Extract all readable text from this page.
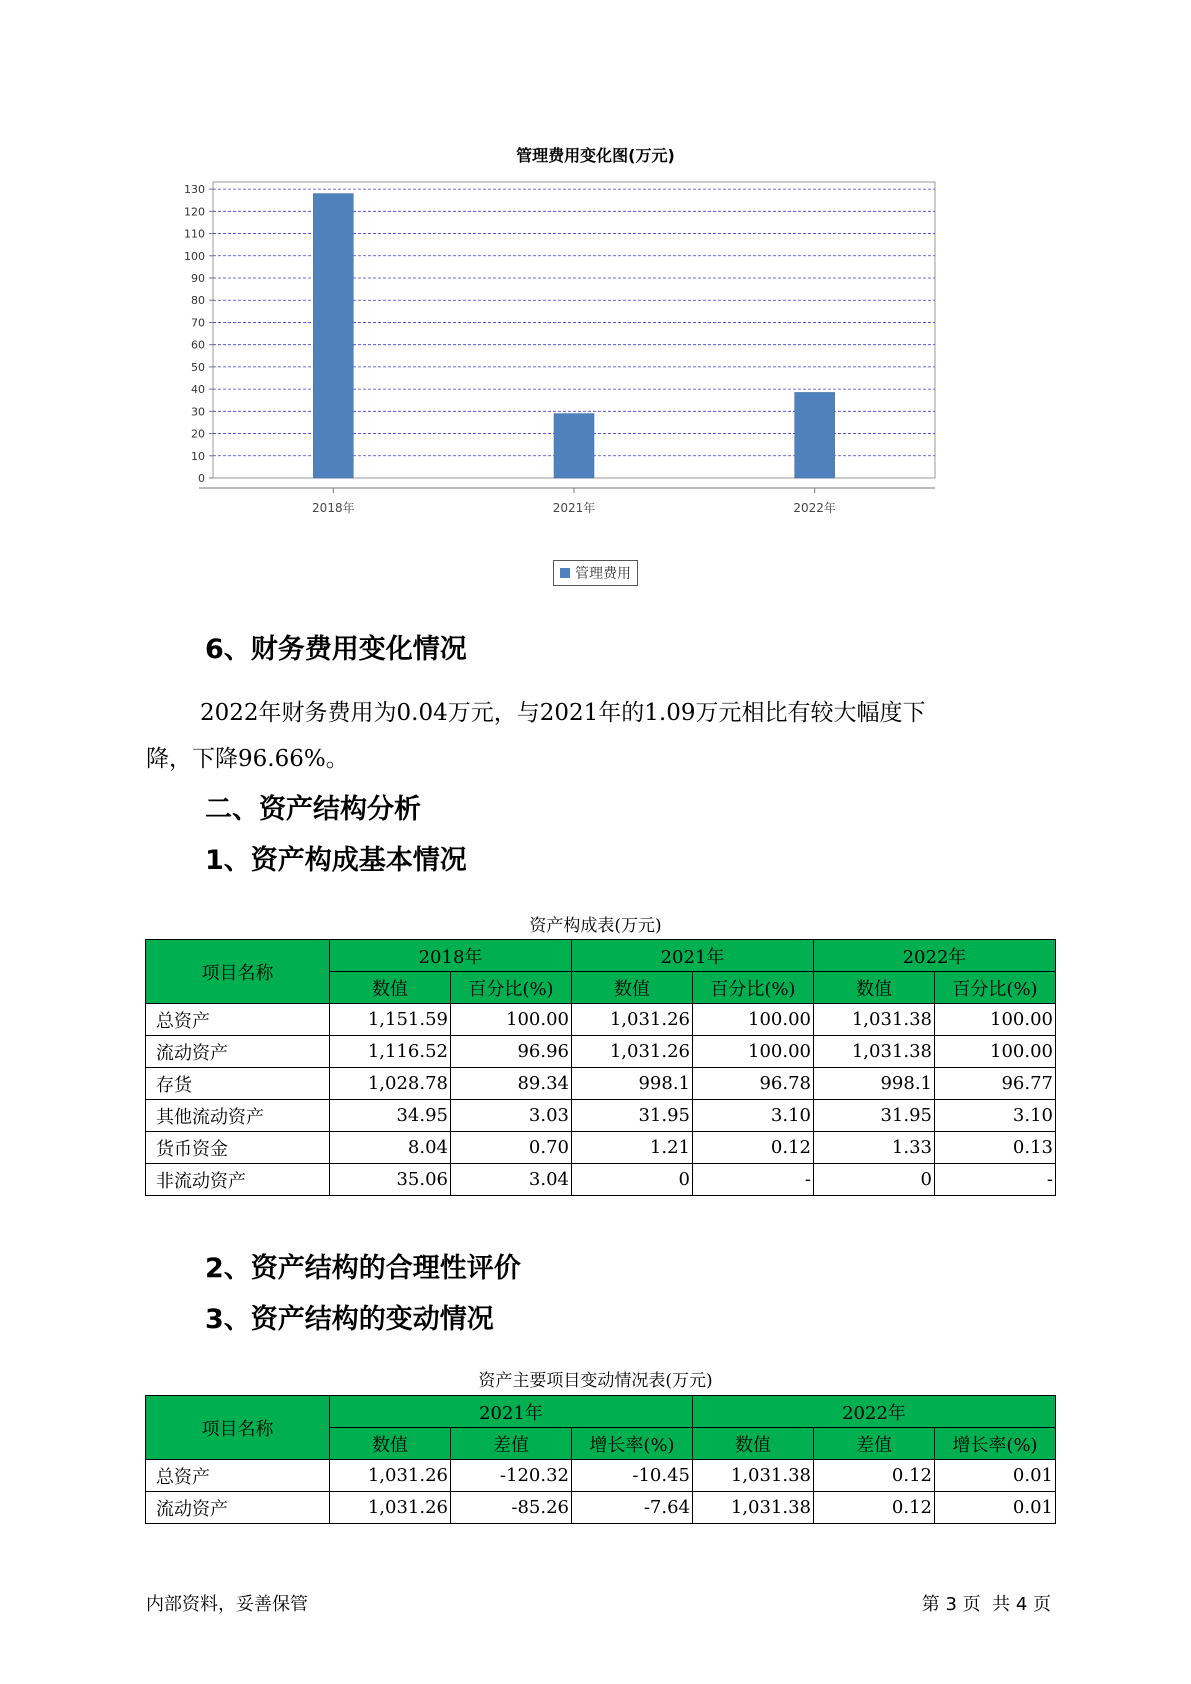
管理费用变化图(万元)
0
10
20
30
40
50
60
70
80
90
100
110
120
130
2018年	2021年	2022年
管理费用
6、财务费用变化情况
2022年财务费用为0.04万元，与2021年的1.09万元相比有较大幅度下
降，下降96.66%。
二、资产结构分析
1、资产构成基本情况
资产构成表(万元)
项目名称	2018年		2021年		2022年	
	数值	百分比(%)	数值	百分比(%)	数值	百分比(%)
总资产	1,151.59	100.00	1,031.26	100.00	1,031.38	100.00
流动资产	1,116.52	96.96	1,031.26	100.00	1,031.38	100.00
存货	1,028.78	89.34	998.1	96.78	998.1	96.77
其他流动资产	34.95	3.03	31.95	3.10	31.95	3.10
货币资金	8.04	0.70	1.21	0.12	1.33	0.13
非流动资产	35.06	3.04	0	-	0	-
2、资产结构的合理性评价
3、资产结构的变动情况
资产主要项目变动情况表(万元)
项目名称	2021年			2022年		
	数值	差值	增长率(%)	数值	差值	增长率(%)
总资产	1,031.26	-120.32	-10.45	1,031.38	0.12	0.01
流动资产	1,031.26	-85.26	-7.64	1,031.38	0.12	0.01
内部资料，妥善保管	第 3 页  共 4 页
